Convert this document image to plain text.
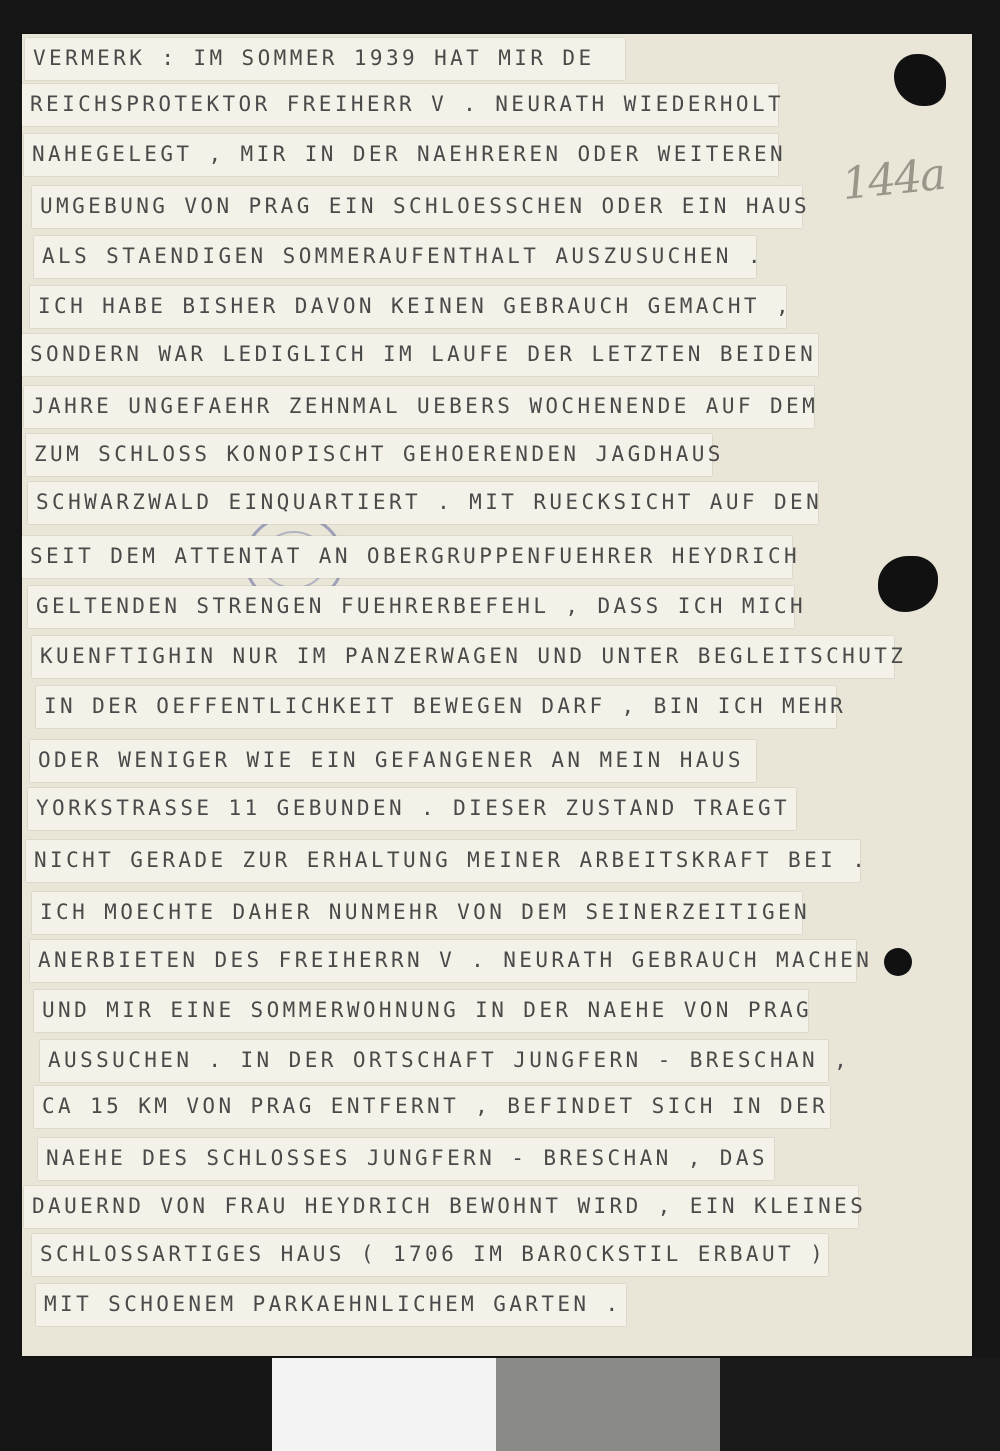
144a
VERMERK : IM SOMMER 1939 HAT MIR DE
REICHSPROTEKTOR FREIHERR V . NEURATH WIEDERHOLT
NAHEGELEGT , MIR IN DER NAEHREREN ODER WEITEREN
UMGEBUNG VON PRAG EIN SCHLOESSCHEN ODER EIN HAUS
ALS STAENDIGEN SOMMERAUFENTHALT AUSZUSUCHEN .
ICH HABE BISHER DAVON KEINEN GEBRAUCH GEMACHT ,
SONDERN WAR LEDIGLICH IM LAUFE DER LETZTEN BEIDEN
JAHRE UNGEFAEHR ZEHNMAL UEBERS WOCHENENDE AUF DEM
ZUM SCHLOSS KONOPISCHT GEHOERENDEN JAGDHAUS
SCHWARZWALD EINQUARTIERT . MIT RUECKSICHT AUF DEN
SEIT DEM ATTENTAT AN OBERGRUPPENFUEHRER HEYDRICH
GELTENDEN STRENGEN FUEHRERBEFEHL , DASS ICH MICH
KUENFTIGHIN NUR IM PANZERWAGEN UND UNTER BEGLEITSCHUTZ
IN DER OEFFENTLICHKEIT BEWEGEN DARF , BIN ICH MEHR
ODER WENIGER WIE EIN GEFANGENER AN MEIN HAUS
YORKSTRASSE 11 GEBUNDEN . DIESER ZUSTAND TRAEGT
NICHT GERADE ZUR ERHALTUNG MEINER ARBEITSKRAFT BEI .
ICH MOECHTE DAHER NUNMEHR VON DEM SEINERZEITIGEN
ANERBIETEN DES FREIHERRN V . NEURATH GEBRAUCH MACHEN
UND MIR EINE SOMMERWOHNUNG IN DER NAEHE VON PRAG
AUSSUCHEN . IN DER ORTSCHAFT JUNGFERN - BRESCHAN ,
CA 15 KM VON PRAG ENTFERNT , BEFINDET SICH IN DER
NAEHE DES SCHLOSSES JUNGFERN - BRESCHAN , DAS
DAUERND VON FRAU HEYDRICH BEWOHNT WIRD , EIN KLEINES
SCHLOSSARTIGES HAUS ( 1706 IM BAROCKSTIL ERBAUT )
MIT SCHOENEM PARKAEHNLICHEM GARTEN .
